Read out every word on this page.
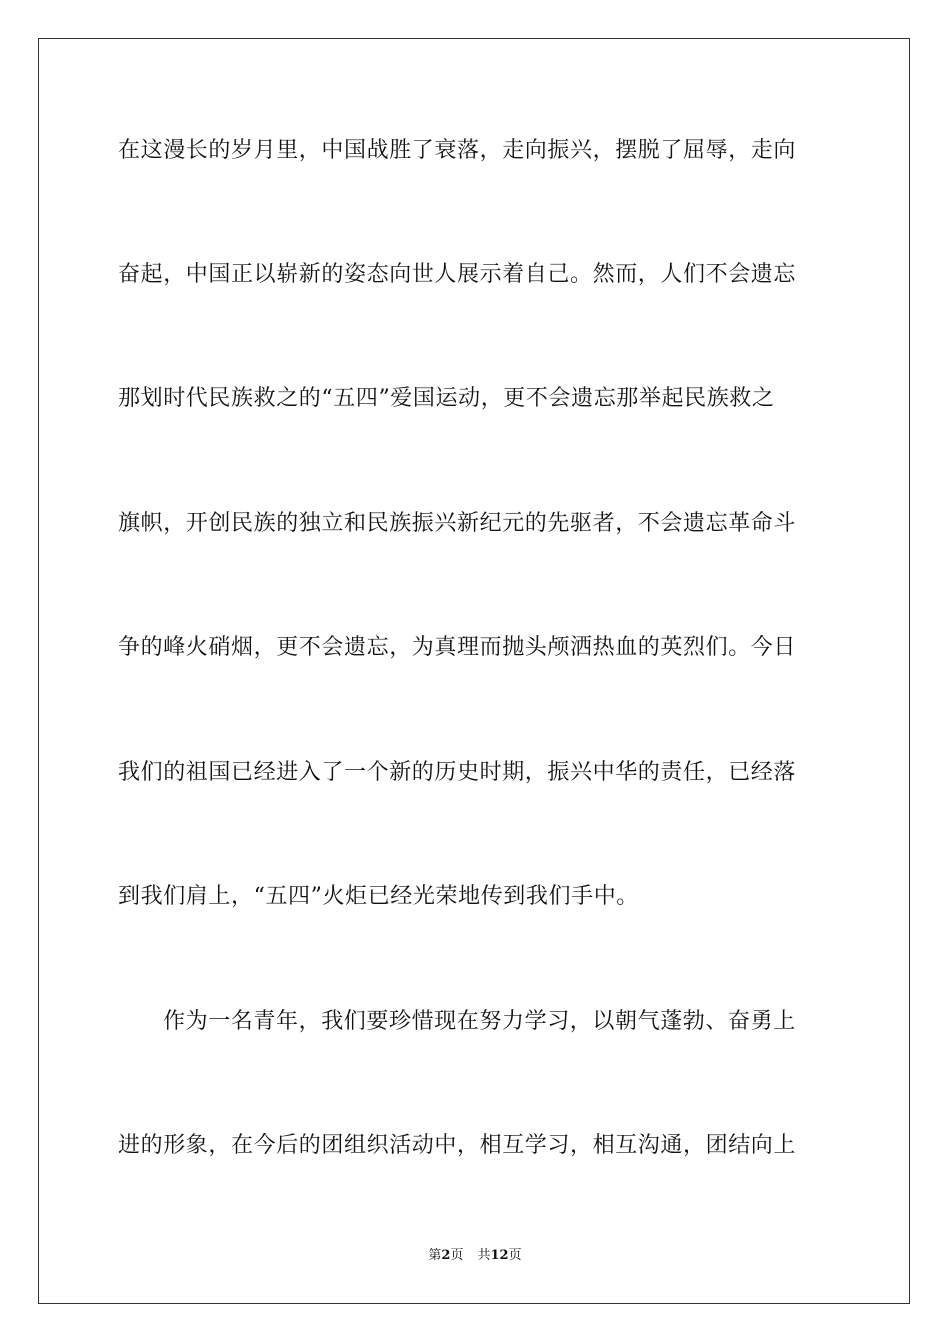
在这漫长的岁月里，中国战胜了衰落，走向振兴，摆脱了屈辱，走向
奋起，中国正以崭新的姿态向世人展示着自己。然而，人们不会遗忘
那划时代民族救之的“五四”爱国运动，更不会遗忘那举起民族救之
旗帜，开创民族的独立和民族振兴新纪元的先驱者，不会遗忘革命斗
争的峰火硝烟，更不会遗忘，为真理而抛头颅洒热血的英烈们。今日
我们的祖国已经进入了一个新的历史时期，振兴中华的责任，已经落
到我们肩上，“五四”火炬已经光荣地传到我们手中。
作为一名青年，我们要珍惜现在努力学习，以朝气蓬勃、奋勇上
进的形象，在今后的团组织活动中，相互学习，相互沟通，团结向上
第2页 共12页
